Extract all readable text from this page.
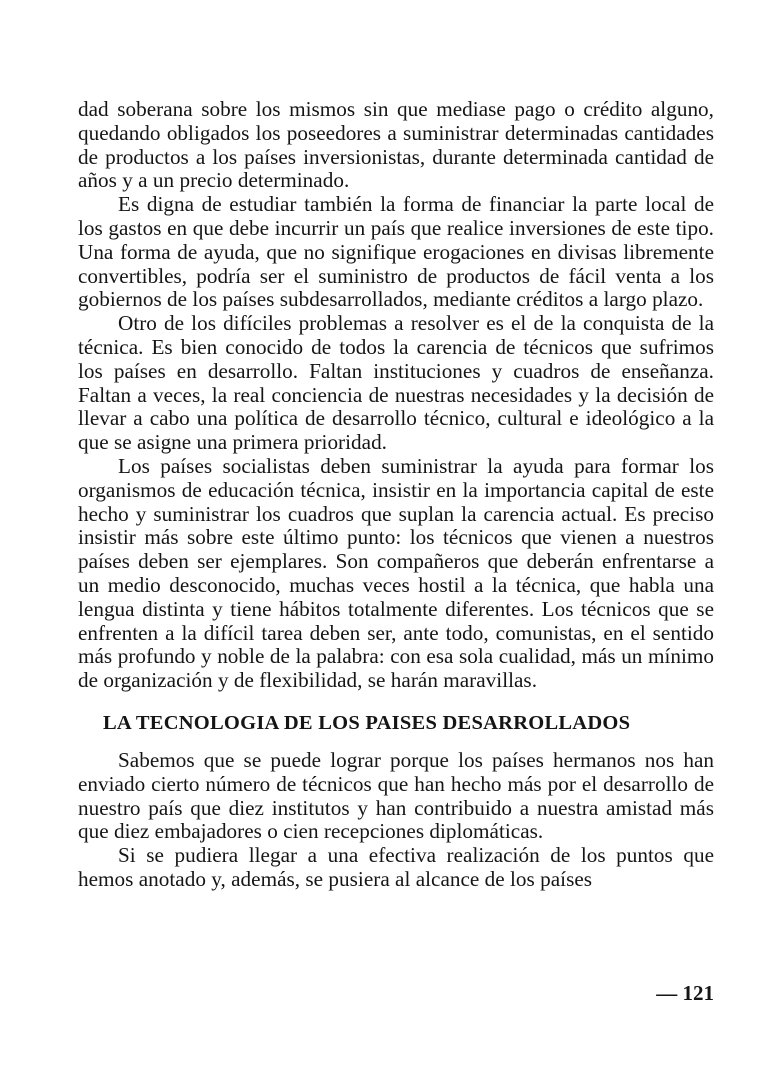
dad soberana sobre los mismos sin que mediase pago o crédito alguno, quedando obligados los poseedores a suministrar determinadas cantidades de productos a los países inversionistas, durante determinada cantidad de años y a un precio determinado.

Es digna de estudiar también la forma de financiar la parte local de los gastos en que debe incurrir un país que realice inversiones de este tipo. Una forma de ayuda, que no signifique erogaciones en divisas libremente convertibles, podría ser el suministro de productos de fácil venta a los gobiernos de los países subdesarrollados, mediante créditos a largo plazo.

Otro de los difíciles problemas a resolver es el de la conquista de la técnica. Es bien conocido de todos la carencia de técnicos que sufrimos los países en desarrollo. Faltan instituciones y cuadros de enseñanza. Faltan a veces, la real conciencia de nuestras necesidades y la decisión de llevar a cabo una política de desarrollo técnico, cultural e ideológico a la que se asigne una primera prioridad.

Los países socialistas deben suministrar la ayuda para formar los organismos de educación técnica, insistir en la importancia capital de este hecho y suministrar los cuadros que suplan la carencia actual. Es preciso insistir más sobre este último punto: los técnicos que vienen a nuestros países deben ser ejemplares. Son compañeros que deberán enfrentarse a un medio desconocido, muchas veces hostil a la técnica, que habla una lengua distinta y tiene hábitos totalmente diferentes. Los técnicos que se enfrenten a la difícil tarea deben ser, ante todo, comunistas, en el sentido más profundo y noble de la palabra: con esa sola cualidad, más un mínimo de organización y de flexibilidad, se harán maravillas.

LA TECNOLOGIA DE LOS PAISES DESARROLLADOS

Sabemos que se puede lograr porque los países hermanos nos han enviado cierto número de técnicos que han hecho más por el desarrollo de nuestro país que diez institutos y han contribuido a nuestra amistad más que diez embajadores o cien recepciones diplomáticas.

Si se pudiera llegar a una efectiva realización de los puntos que hemos anotado y, además, se pusiera al alcance de los países

— 121
